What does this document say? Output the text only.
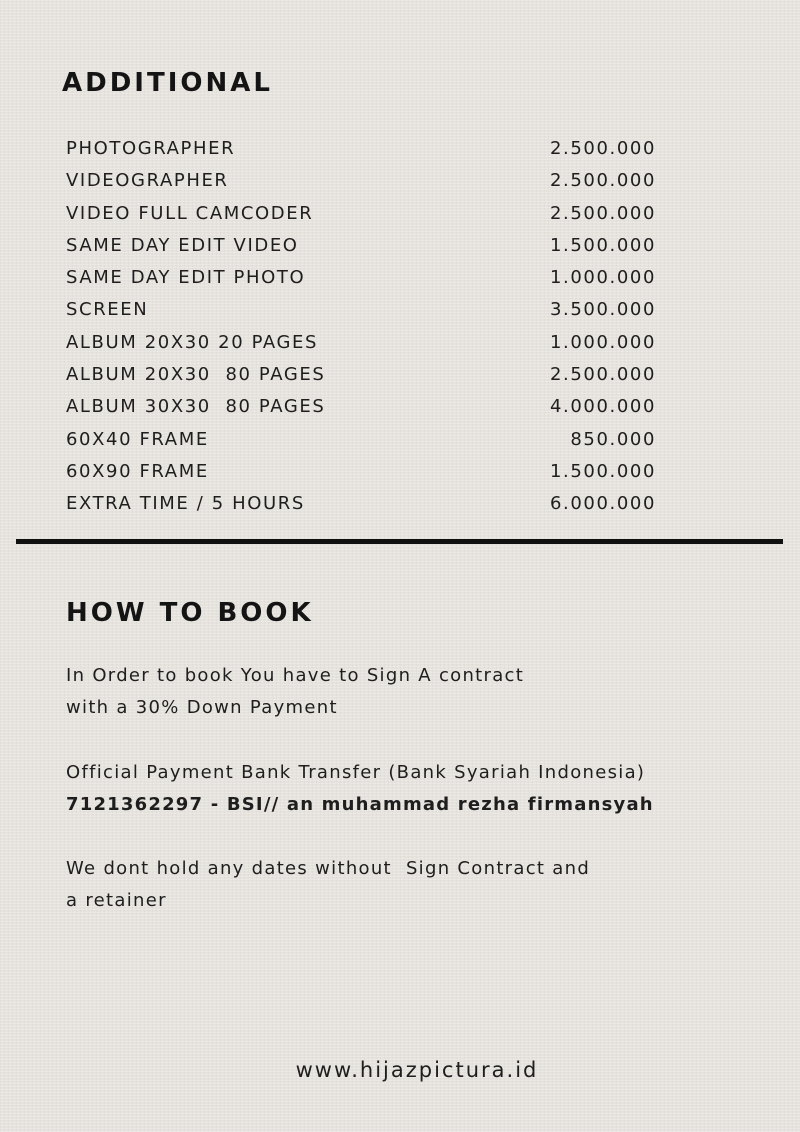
ADDITIONAL
PHOTOGRAPHER	2.500.000
VIDEOGRAPHER	2.500.000
VIDEO FULL CAMCODER	2.500.000
SAME DAY EDIT VIDEO	1.500.000
SAME DAY EDIT PHOTO	1.000.000
SCREEN	3.500.000
ALBUM 20X30 20 PAGES	1.000.000
ALBUM 20X30  80 PAGES	2.500.000
ALBUM 30X30  80 PAGES	4.000.000
60X40 FRAME	850.000
60X90 FRAME	1.500.000
EXTRA TIME / 5 HOURS	6.000.000
HOW TO BOOK
In Order to book You have to Sign A contract
with a 30% Down Payment
Official Payment Bank Transfer (Bank Syariah Indonesia)
7121362297 - BSI// an muhammad rezha firmansyah
We dont hold any dates without  Sign Contract and
a retainer
www.hijazpictura.id
